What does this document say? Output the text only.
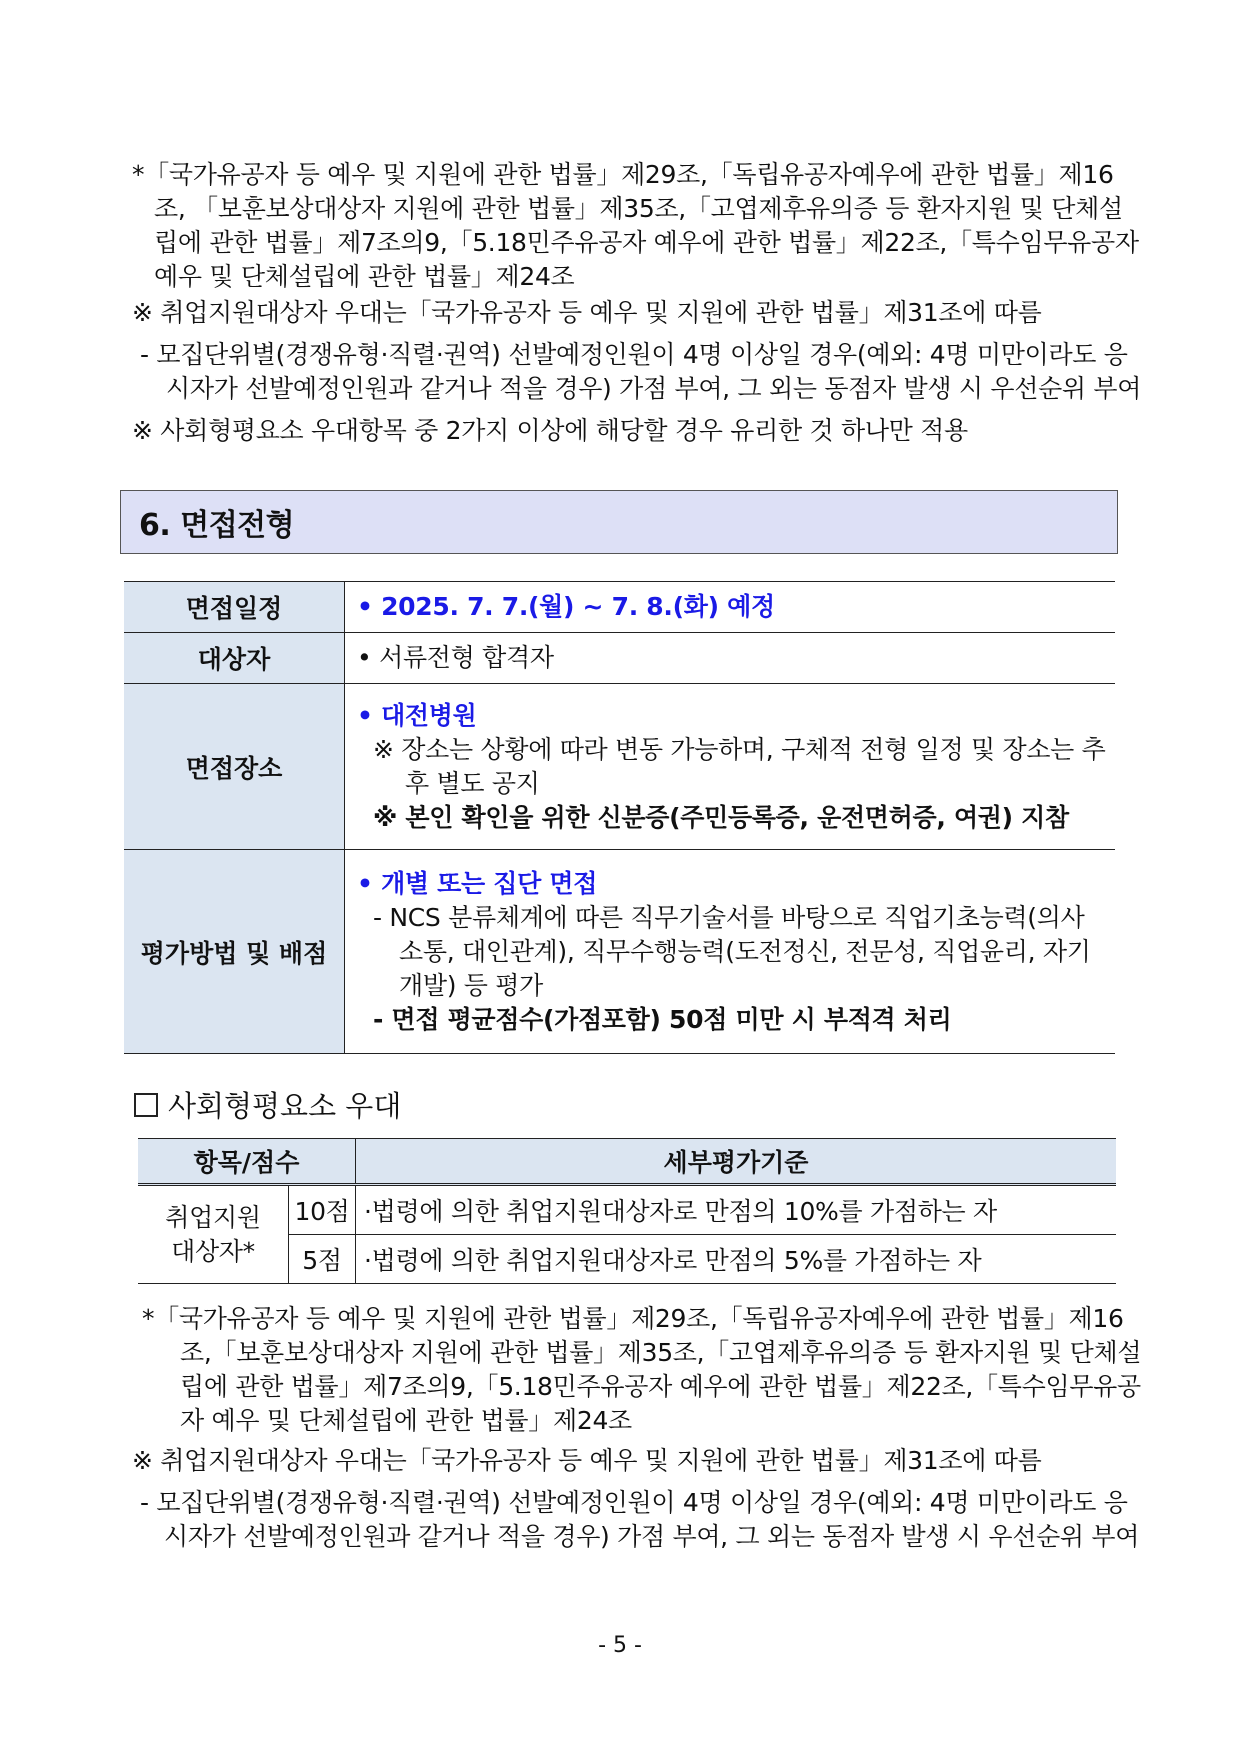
*「국가유공자 등 예우 및 지원에 관한 법률」제29조,「독립유공자예우에 관한 법률」제16조, 「보훈보상대상자 지원에 관한 법률」제35조,「고엽제후유의증 등 환자지원 및 단체설립에 관한 법률」제7조의9,「5.18민주유공자 예우에 관한 법률」제22조,「특수임무유공자 예우 및 단체설립에 관한 법률」제24조
※ 취업지원대상자 우대는「국가유공자 등 예우 및 지원에 관한 법률」제31조에 따름
- 모집단위별(경쟁유형·직렬·권역) 선발예정인원이 4명 이상일 경우(예외: 4명 미만이라도 응시자가 선발예정인원과 같거나 적을 경우) 가점 부여, 그 외는 동점자 발생 시 우선순위 부여
※ 사회형평요소 우대항목 중 2가지 이상에 해당할 경우 유리한 것 하나만 적용
6. 면접전형
면접일정	• 2025. 7. 7.(월) ~ 7. 8.(화) 예정
대상자	• 서류전형 합격자
면접장소	• 대전병원
※ 장소는 상황에 따라 변동 가능하며, 구체적 전형 일정 및 장소는 추후 별도 공지
※ 본인 확인을 위한 신분증(주민등록증, 운전면허증, 여권) 지참

평가방법 및 배점	• 개별 또는 집단 면접
- NCS 분류체계에 따른 직무기술서를 바탕으로 직업기초능력(의사소통, 대인관계), 직무수행능력(도전정신, 전문성, 직업윤리, 자기개발) 등 평가
- 면접 평균점수(가점포함) 50점 미만 시 부적격 처리
사회형평요소 우대
항목/점수		세부평가기준

취업지원대상자*	10점	·법령에 의한 취업지원대상자로 만점의 10%를 가점하는 자
	5점	·법령에 의한 취업지원대상자로 만점의 5%를 가점하는 자
*「국가유공자 등 예우 및 지원에 관한 법률」제29조,「독립유공자예우에 관한 법률」제16조,「보훈보상대상자 지원에 관한 법률」제35조,「고엽제후유의증 등 환자지원 및 단체설립에 관한 법률」제7조의9,「5.18민주유공자 예우에 관한 법률」제22조,「특수임무유공자 예우 및 단체설립에 관한 법률」제24조
※ 취업지원대상자 우대는「국가유공자 등 예우 및 지원에 관한 법률」제31조에 따름
- 모집단위별(경쟁유형·직렬·권역) 선발예정인원이 4명 이상일 경우(예외: 4명 미만이라도 응시자가 선발예정인원과 같거나 적을 경우) 가점 부여, 그 외는 동점자 발생 시 우선순위 부여
- 5 -
